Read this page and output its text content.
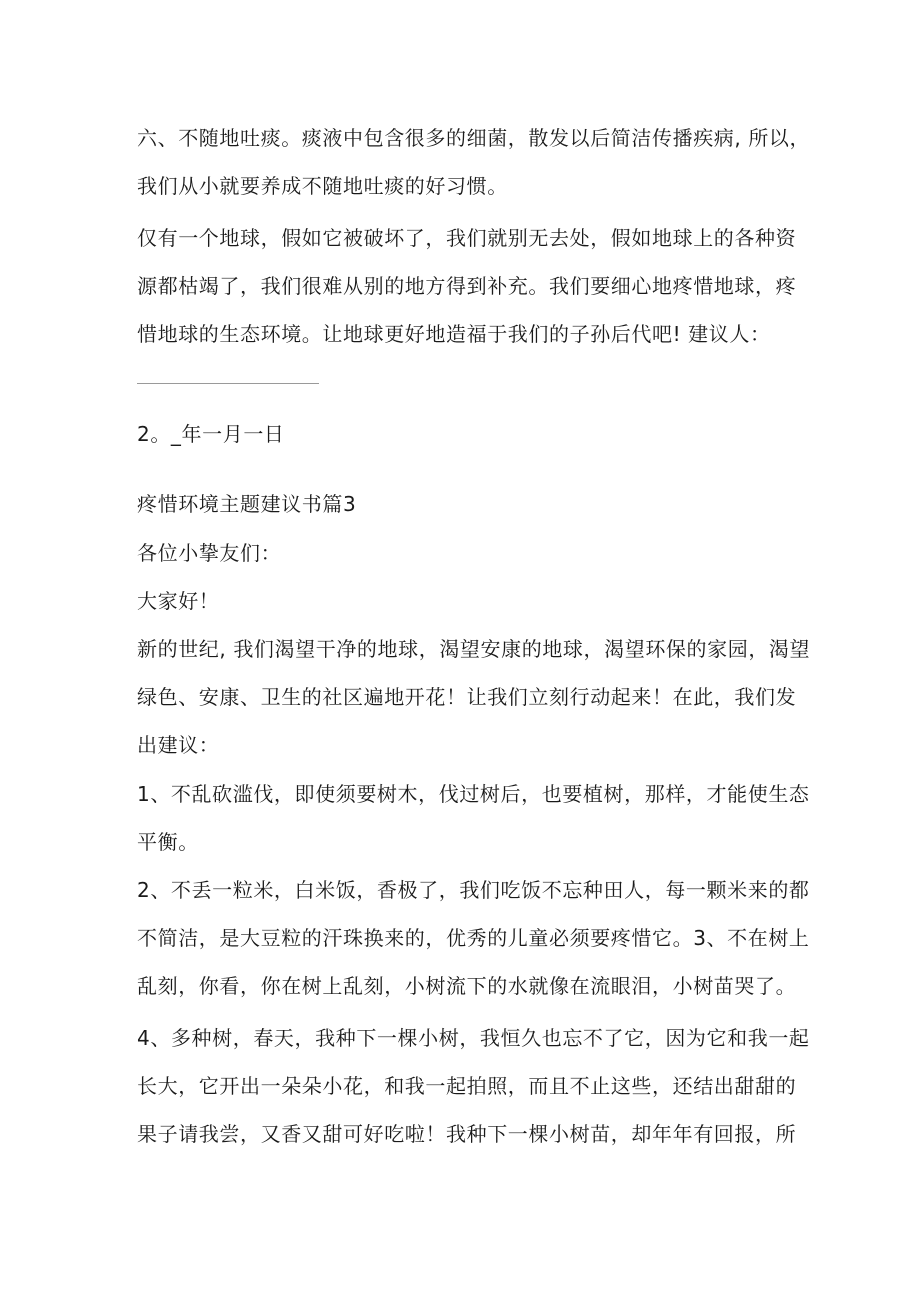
六、不随地吐痰。痰液中包含很多的细菌，散发以后简洁传播疾病, 所以，
我们从小就要养成不随地吐痰的好习惯。
仅有一个地球，假如它被破坏了，我们就别无去处，假如地球上的各种资
源都枯竭了，我们很难从别的地方得到补充。我们要细心地疼惜地球，疼
惜地球的生态环境。让地球更好地造福于我们的子孙后代吧! 建议人：
2。_年一月一日
疼惜环境主题建议书篇3
各位小挚友们：
大家好！
新的世纪, 我们渴望干净的地球，渴望安康的地球，渴望环保的家园，渴望
绿色、安康、卫生的社区遍地开花！让我们立刻行动起来！在此，我们发
出建议：
1、不乱砍滥伐，即使须要树木，伐过树后，也要植树，那样，才能使生态
平衡。
2、不丢一粒米，白米饭，香极了，我们吃饭不忘种田人，每一颗米来的都
不简洁，是大豆粒的汗珠换来的，优秀的儿童必须要疼惜它。3、不在树上
乱刻，你看，你在树上乱刻，小树流下的水就像在流眼泪，小树苗哭了。
4、多种树，春天，我种下一棵小树，我恒久也忘不了它，因为它和我一起
长大，它开出一朵朵小花，和我一起拍照，而且不止这些，还结出甜甜的
果子请我尝，又香又甜可好吃啦！我种下一棵小树苗，却年年有回报，所
